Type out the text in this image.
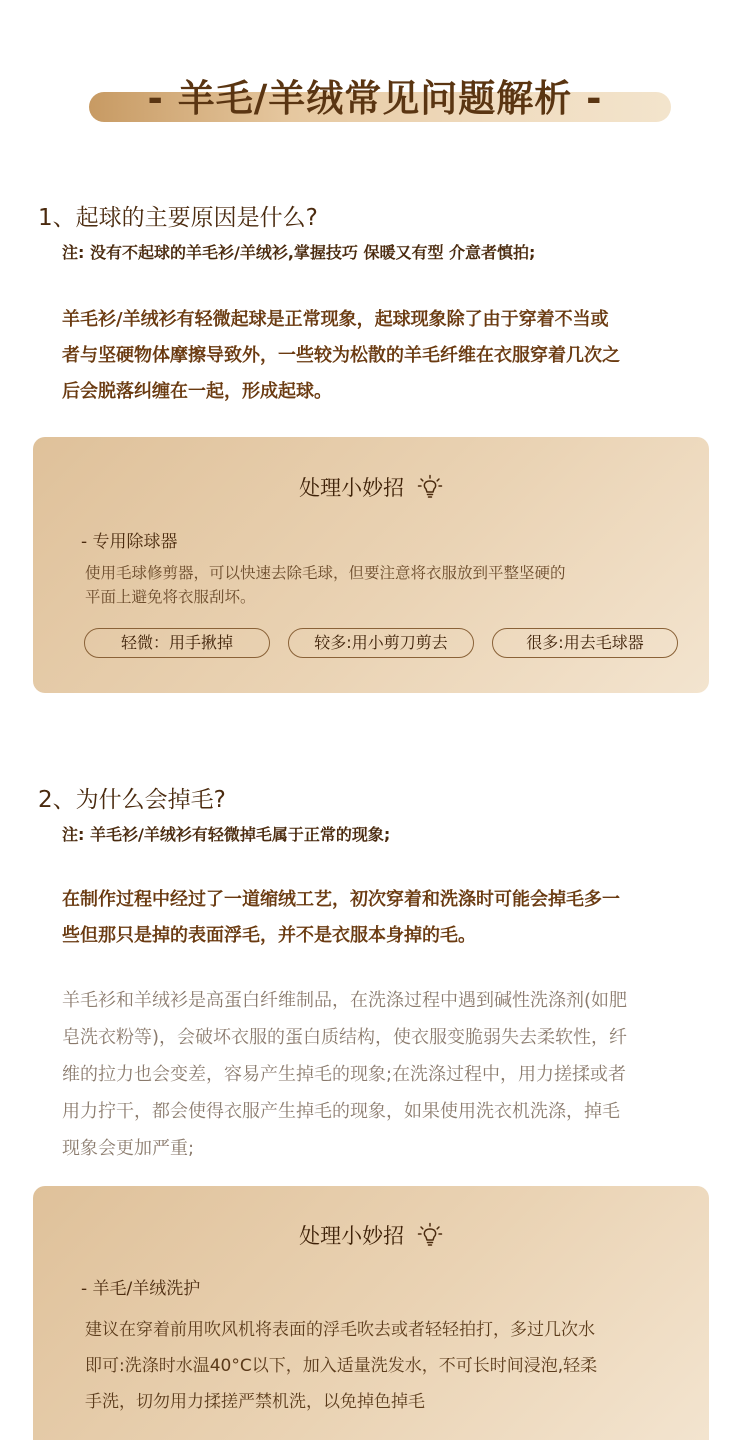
- 羊毛/羊绒常见问题解析 -
1、起球的主要原因是什么?
注: 没有不起球的羊毛衫/羊绒衫,掌握技巧 保暖又有型 介意者慎拍;
羊毛衫/羊绒衫有轻微起球是正常现象，起球现象除了由于穿着不当或
者与坚硬物体摩擦导致外，一些较为松散的羊毛纤维在衣服穿着几次之
后会脱落纠缠在一起，形成起球。
处理小妙招
- 专用除球器
使用毛球修剪器，可以快速去除毛球，但要注意将衣服放到平整坚硬的
平面上避免将衣服刮坏。
轻微：用手揪掉	较多:用小剪刀剪去	很多:用去毛球器
2、为什么会掉毛?
注: 羊毛衫/羊绒衫有轻微掉毛属于正常的现象;
在制作过程中经过了一道缩绒工艺，初次穿着和洗涤时可能会掉毛多一
些但那只是掉的表面浮毛，并不是衣服本身掉的毛。
羊毛衫和羊绒衫是高蛋白纤维制品，在洗涤过程中遇到碱性洗涤剂(如肥
皂洗衣粉等)，会破坏衣服的蛋白质结构，使衣服变脆弱失去柔软性，纤
维的拉力也会变差，容易产生掉毛的现象;在洗涤过程中，用力搓揉或者
用力拧干，都会使得衣服产生掉毛的现象，如果使用洗衣机洗涤，掉毛
现象会更加严重;
处理小妙招
- 羊毛/羊绒洗护
建议在穿着前用吹风机将表面的浮毛吹去或者轻轻拍打，多过几次水
即可:洗涤时水温40°C以下，加入适量洗发水，不可长时间浸泡,轻柔
手洗，切勿用力揉搓严禁机洗，以免掉色掉毛
